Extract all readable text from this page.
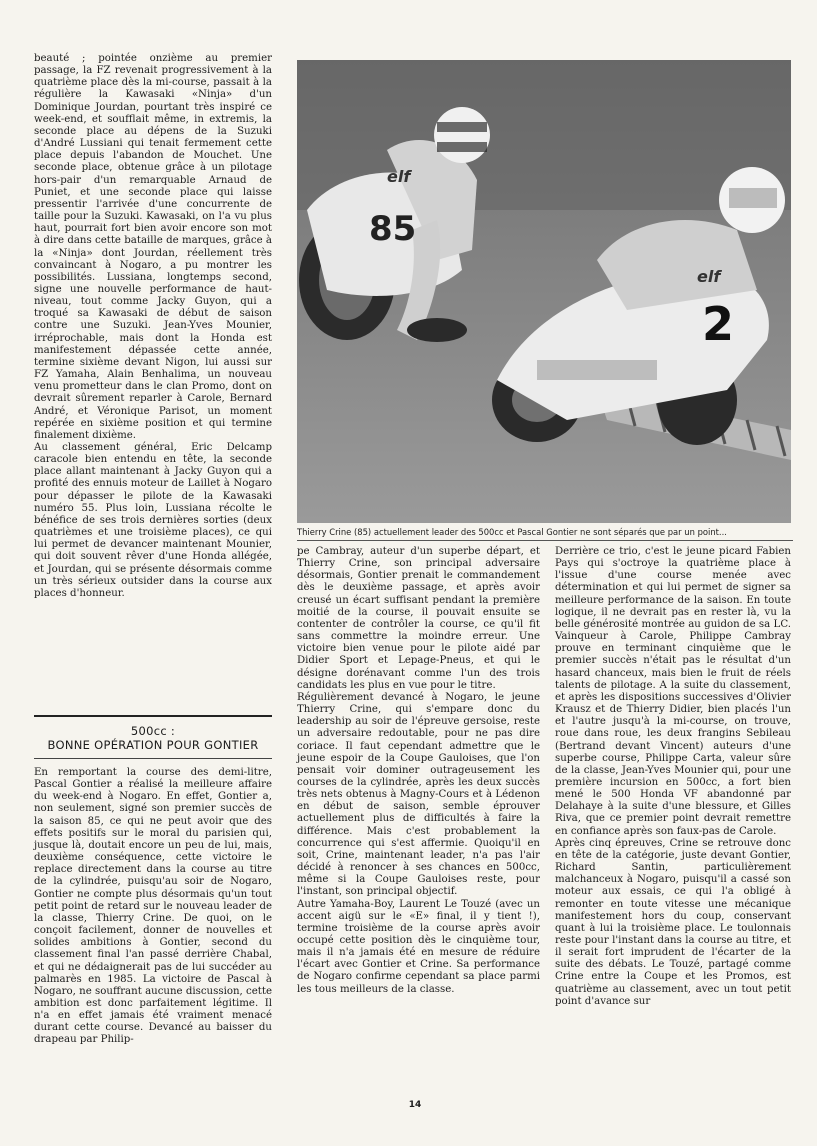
beauté ; pointée onzième au premier passage, la FZ revenait progressivement à la quatrième place dès la mi-course, passait à la régulière la Kawasaki «Ninja» d'un Dominique Jourdan, pourtant très inspiré ce week-end, et soufflait même, in extremis, la seconde place au dépens de la Suzuki d'André Lussiani qui tenait fermement cette place depuis l'abandon de Mouchet. Une seconde place, obtenue grâce à un pilotage hors-pair d'un remarquable Arnaud de Puniet, et une seconde place qui laisse pressentir l'arrivée d'une concurrente de taille pour la Suzuki. Kawasaki, on l'a vu plus haut, pourrait fort bien avoir encore son mot à dire dans cette bataille de marques, grâce à la «Ninja» dont Jourdan, réellement très convaincant à Nogaro, a pu montrer les possibilités. Lussiana, longtemps second, signe une nouvelle performance de haut-niveau, tout comme Jacky Guyon, qui a troqué sa Kawasaki de début de saison contre une Suzuki. Jean-Yves Mounier, irréprochable, mais dont la Honda est manifestement dépassée cette année, termine sixième devant Nigon, lui aussi sur FZ Yamaha, Alain Benhalima, un nouveau venu prometteur dans le clan Promo, dont on devrait sûrement reparler à Carole, Bernard André, et Véronique Parisot, un moment repérée en sixième position et qui termine finalement dixième.

Au classement général, Eric Delcamp caracole bien entendu en tête, la seconde place allant maintenant à Jacky Guyon qui a profité des ennuis moteur de Laillet à Nogaro pour dépasser le pilote de la Kawasaki numéro 55. Plus loin, Lussiana récolte le bénéfice de ses trois dernières sorties (deux quatrièmes et une troisième places), ce qui lui permet de devancer maintenant Mounier, qui doit souvent rêver d'une Honda allégée, et Jourdan, qui se présente désormais comme un très sérieux outsider dans la course aux places d'honneur.

500cc :
BONNE OPÉRATION POUR GONTIER

En remportant la course des demi-litre, Pascal Gontier a réalisé la meilleure affaire du week-end à Nogaro. En effet, Gontier a, non seulement, signé son premier succès de la saison 85, ce qui ne peut avoir que des effets positifs sur le moral du parisien qui, jusque là, doutait encore un peu de lui, mais, deuxième conséquence, cette victoire le replace directement dans la course au titre de la cylindrée, puisqu'au soir de Nogaro, Gontier ne compte plus désormais qu'un tout petit point de retard sur le nouveau leader de la classe, Thierry Crine. De quoi, on le conçoit facilement, donner de nouvelles et solides ambitions à Gontier, second du classement final l'an passé derrière Chabal, et qui ne dédaignerait pas de lui succéder au palmarès en 1985. La victoire de Pascal à Nogaro, ne souffrant aucune discussion, cette ambition est donc parfaitement légitime. Il n'a en effet jamais été vraiment menacé durant cette course. Devancé au baisser du drapeau par Philip-

85
elf
2
elf
Thierry Crine (85) actuellement leader des 500cc et Pascal Gontier ne sont séparés que par un point...

pe Cambray, auteur d'un superbe départ, et Thierry Crine, son principal adversaire désormais, Gontier prenait le commandement dès le deuxième passage, et après avoir creusé un écart suffisant pendant la première moitié de la course, il pouvait ensuite se contenter de contrôler la course, ce qu'il fit sans commettre la moindre erreur. Une victoire bien venue pour le pilote aidé par Didier Sport et Lepage-Pneus, et qui le désigne dorénavant comme l'un des trois candidats les plus en vue pour le titre.

Régulièrement devancé à Nogaro, le jeune Thierry Crine, qui s'empare donc du leadership au soir de l'épreuve gersoise, reste un adversaire redoutable, pour ne pas dire coriace. Il faut cependant admettre que le jeune espoir de la Coupe Gauloises, que l'on pensait voir dominer outrageusement les courses de la cylindrée, après les deux succès très nets obtenus à Magny-Cours et à Lédenon en début de saison, semble éprouver actuellement plus de difficultés à faire la différence. Mais c'est probablement la concurrence qui s'est affermie. Quoiqu'il en soit, Crine, maintenant leader, n'a pas l'air décidé à renoncer à ses chances en 500cc, même si la Coupe Gauloises reste, pour l'instant, son principal objectif.

Autre Yamaha-Boy, Laurent Le Touzé (avec un accent aigü sur le «E» final, il y tient !), termine troisième de la course après avoir occupé cette position dès le cinquième tour, mais il n'a jamais été en mesure de réduire l'écart avec Gontier et Crine. Sa performance de Nogaro confirme cependant sa place parmi les tous meilleurs de la classe.

Derrière ce trio, c'est le jeune picard Fabien Pays qui s'octroye la quatrième place à l'issue d'une course menée avec détermination et qui lui permet de signer sa meilleure performance de la saison. En toute logique, il ne devrait pas en rester là, vu la belle générosité montrée au guidon de sa LC. Vainqueur à Carole, Philippe Cambray prouve en terminant cinquième que le premier succès n'était pas le résultat d'un hasard chanceux, mais bien le fruit de réels talents de pilotage. A la suite du classement, et après les dispositions successives d'Olivier Krausz et de Thierry Didier, bien placés l'un et l'autre jusqu'à la mi-course, on trouve, roue dans roue, les deux frangins Sebileau (Bertrand devant Vincent) auteurs d'une superbe course, Philippe Carta, valeur sûre de la classe, Jean-Yves Mounier qui, pour une première incursion en 500cc, a fort bien mené le 500 Honda VF abandonné par Delahaye à la suite d'une blessure, et Gilles Riva, que ce premier point devrait remettre en confiance après son faux-pas de Carole.

Après cinq épreuves, Crine se retrouve donc en tête de la catégorie, juste devant Gontier, Richard Santin, particulièrement malchanceux à Nogaro, puisqu'il a cassé son moteur aux essais, ce qui l'a obligé à remonter en toute vitesse une mécanique manifestement hors du coup, conservant quant à lui la troisième place. Le toulonnais reste pour l'instant dans la course au titre, et il serait fort imprudent de l'écarter de la suite des débats. Le Touzé, partagé comme Crine entre la Coupe et les Promos, est quatrième au classement, avec un tout petit point d'avance sur

14
